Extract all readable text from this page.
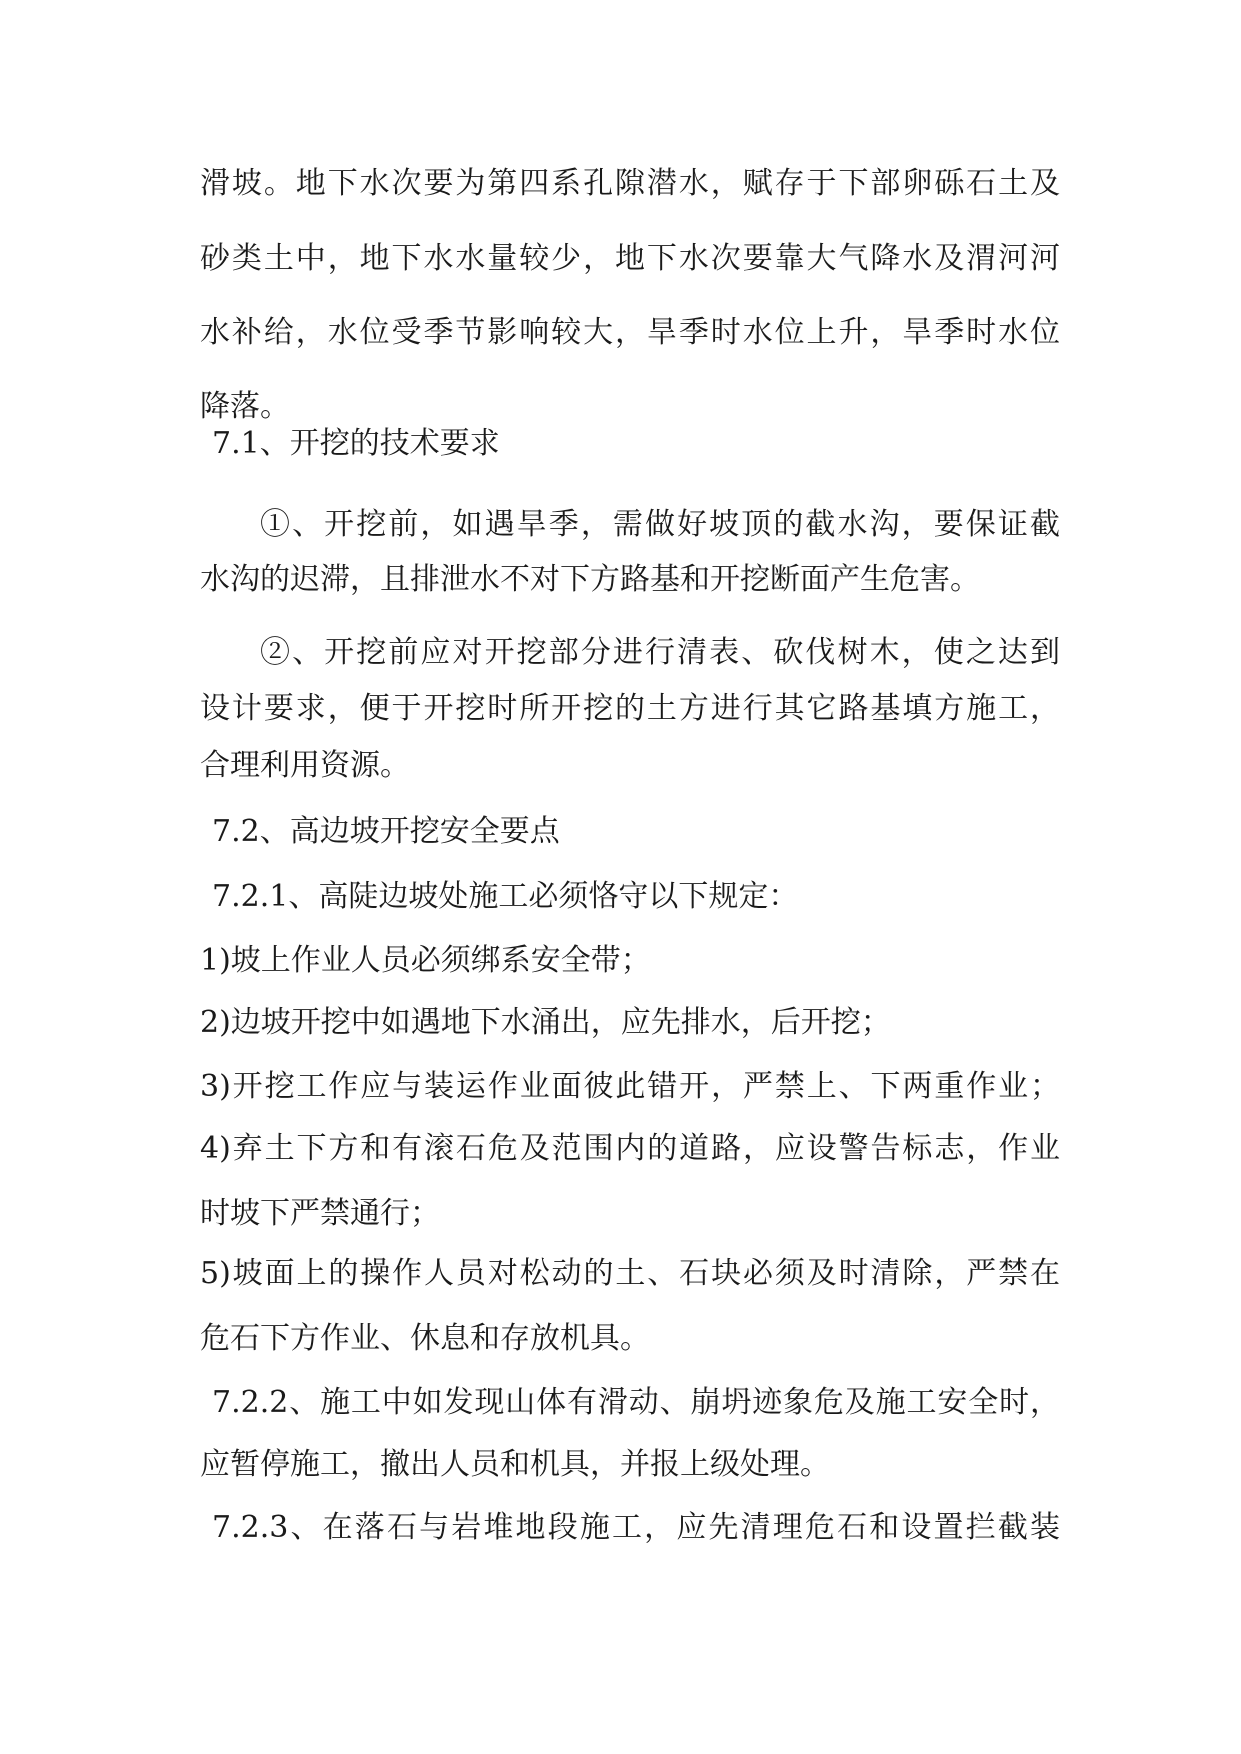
滑坡。地下水次要为第四系孔隙潜水，赋存于下部卵砾石土及
砂类土中，地下水水量较少，地下水次要靠大气降水及渭河河
水补给，水位受季节影响较大，旱季时水位上升，旱季时水位
降落。
7.1、开挖的技术要求
①、开挖前，如遇旱季，需做好坡顶的截水沟，要保证截
水沟的迟滞，且排泄水不对下方路基和开挖断面产生危害。
②、开挖前应对开挖部分进行清表、砍伐树木，使之达到
设计要求，便于开挖时所开挖的土方进行其它路基填方施工，
合理利用资源。
7.2、高边坡开挖安全要点
7.2.1、高陡边坡处施工必须恪守以下规定：
1)坡上作业人员必须绑系安全带；
2)边坡开挖中如遇地下水涌出，应先排水，后开挖；
3)开挖工作应与装运作业面彼此错开，严禁上、下两重作业；
4)弃土下方和有滚石危及范围内的道路，应设警告标志，作业
时坡下严禁通行；
5)坡面上的操作人员对松动的土、石块必须及时清除，严禁在
危石下方作业、休息和存放机具。
7.2.2、施工中如发现山体有滑动、崩坍迹象危及施工安全时，
应暂停施工，撤出人员和机具，并报上级处理。
7.2.3、在落石与岩堆地段施工，应先清理危石和设置拦截装
